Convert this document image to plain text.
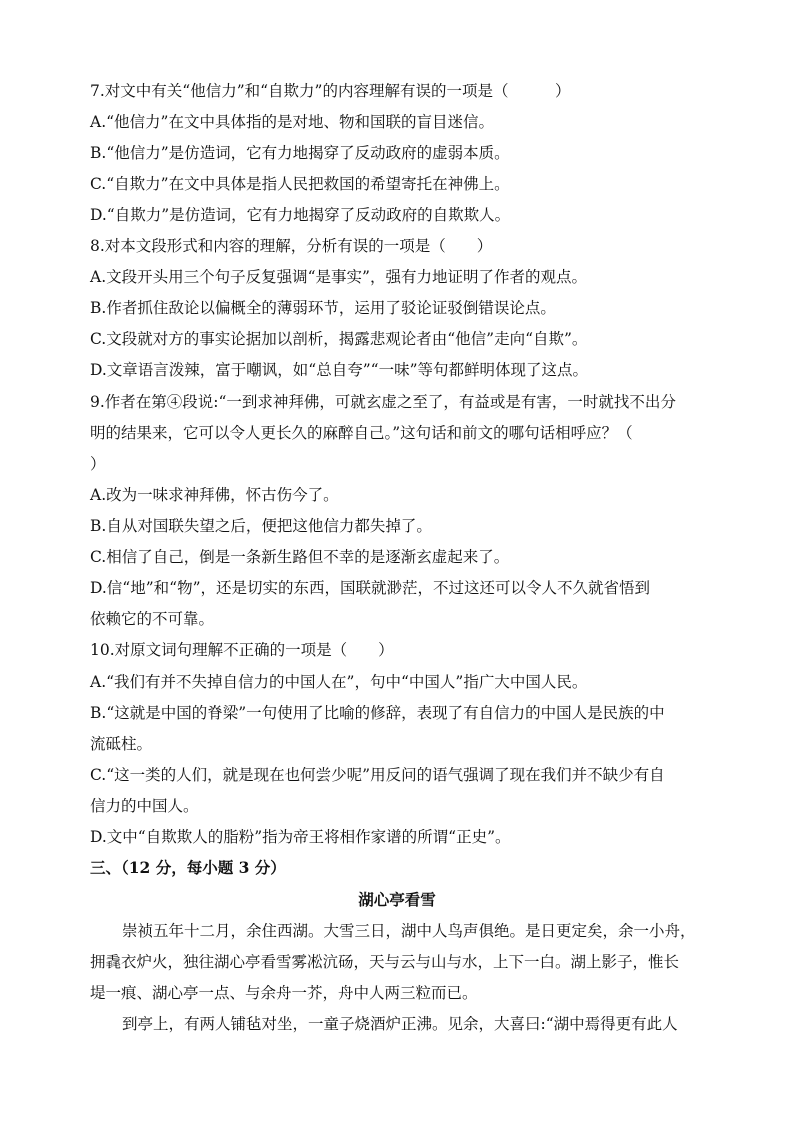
7.对文中有关“他信力”和“自欺力”的内容理解有误的一项是（　　　）
A.“他信力”在文中具体指的是对地、物和国联的盲目迷信。
B.“他信力”是仿造词，它有力地揭穿了反动政府的虚弱本质。
C.“自欺力”在文中具体是指人民把救国的希望寄托在神佛上。
D.“自欺力”是仿造词，它有力地揭穿了反动政府的自欺欺人。
8.对本文段形式和内容的理解，分析有误的一项是（　　）
A.文段开头用三个句子反复强调“是事实”，强有力地证明了作者的观点。
B.作者抓住敌论以偏概全的薄弱环节，运用了驳论证驳倒错误论点。
C.文段就对方的事实论据加以剖析，揭露悲观论者由“他信”走向“自欺”。
D.文章语言泼辣，富于嘲讽，如“总自夸”“一味”等句都鲜明体现了这点。
9.作者在第④段说:“一到求神拜佛，可就玄虚之至了，有益或是有害，一时就找不出分
明的结果来，它可以令人更长久的麻醉自己。”这句话和前文的哪句话相呼应？（
）
A.改为一味求神拜佛，怀古伤今了。
B.自从对国联失望之后，便把这他信力都失掉了。
C.相信了自己，倒是一条新生路但不幸的是逐渐玄虚起来了。
D.信“地”和“物”，还是切实的东西，国联就渺茫，不过这还可以令人不久就省悟到
依赖它的不可靠。
10.对原文词句理解不正确的一项是（　　）
A.“我们有并不失掉自信力的中国人在”，句中“中国人”指广大中国人民。
B.“这就是中国的脊梁”一句使用了比喻的修辞，表现了有自信力的中国人是民族的中
流砥柱。
C.“这一类的人们，就是现在也何尝少呢”用反问的语气强调了现在我们并不缺少有自
信力的中国人。
D.文中“自欺欺人的脂粉”指为帝王将相作家谱的所谓“正史”。
三、（12 分，每小题 3 分）
湖心亭看雪
崇祯五年十二月，余住西湖。大雪三日，湖中人鸟声俱绝。是日更定矣，余一小舟，
拥毳衣炉火，独往湖心亭看雪雾凇沆砀，天与云与山与水，上下一白。湖上影子，惟长
堤一痕、湖心亭一点、与余舟一芥，舟中人两三粒而已。
到亭上，有两人铺毡对坐，一童子烧酒炉正沸。见余，大喜曰:“湖中焉得更有此人
